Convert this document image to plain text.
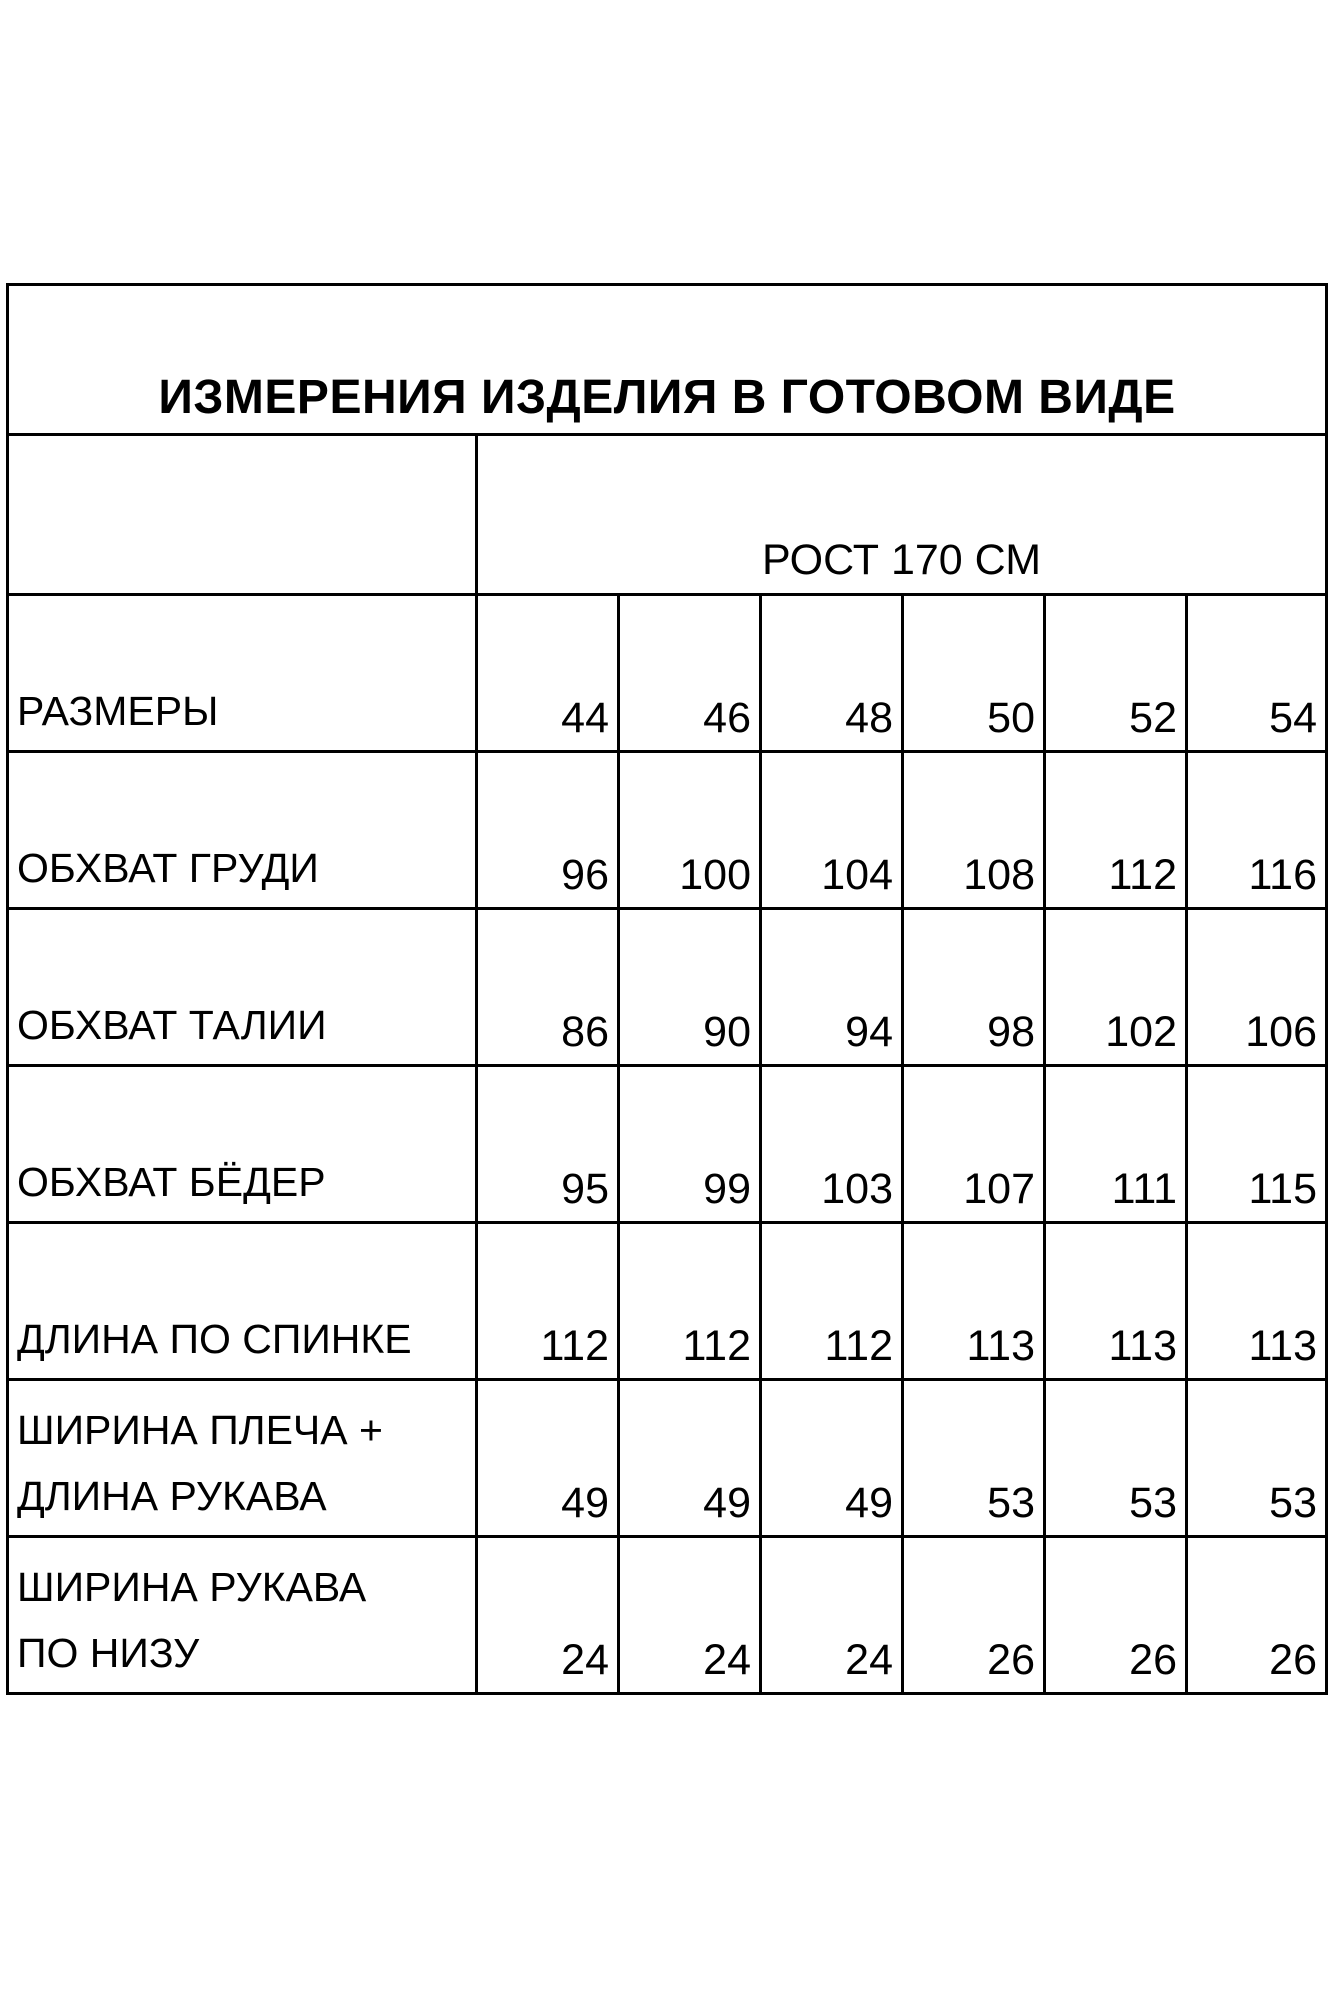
ИЗМЕРЕНИЯ ИЗДЕЛИЯ В ГОТОВОМ ВИДЕ
РОСТ 170 СМ
РАЗМЕРЫ	44 46 48 50 52 54
ОБХВАТ ГРУДИ	96 100 104 108 112 116
ОБХВАТ ТАЛИИ	86 90 94 98 102 106
ОБХВАТ БЁДЕР	95 99 103 107 111 115
ДЛИНА ПО СПИНКЕ	112 112 112 113 113 113
ШИРИНА ПЛЕЧА +
ДЛИНА РУКАВА	49 49 49 53 53 53
ШИРИНА РУКАВА
ПО НИЗУ	24 24 24 26 26 26
